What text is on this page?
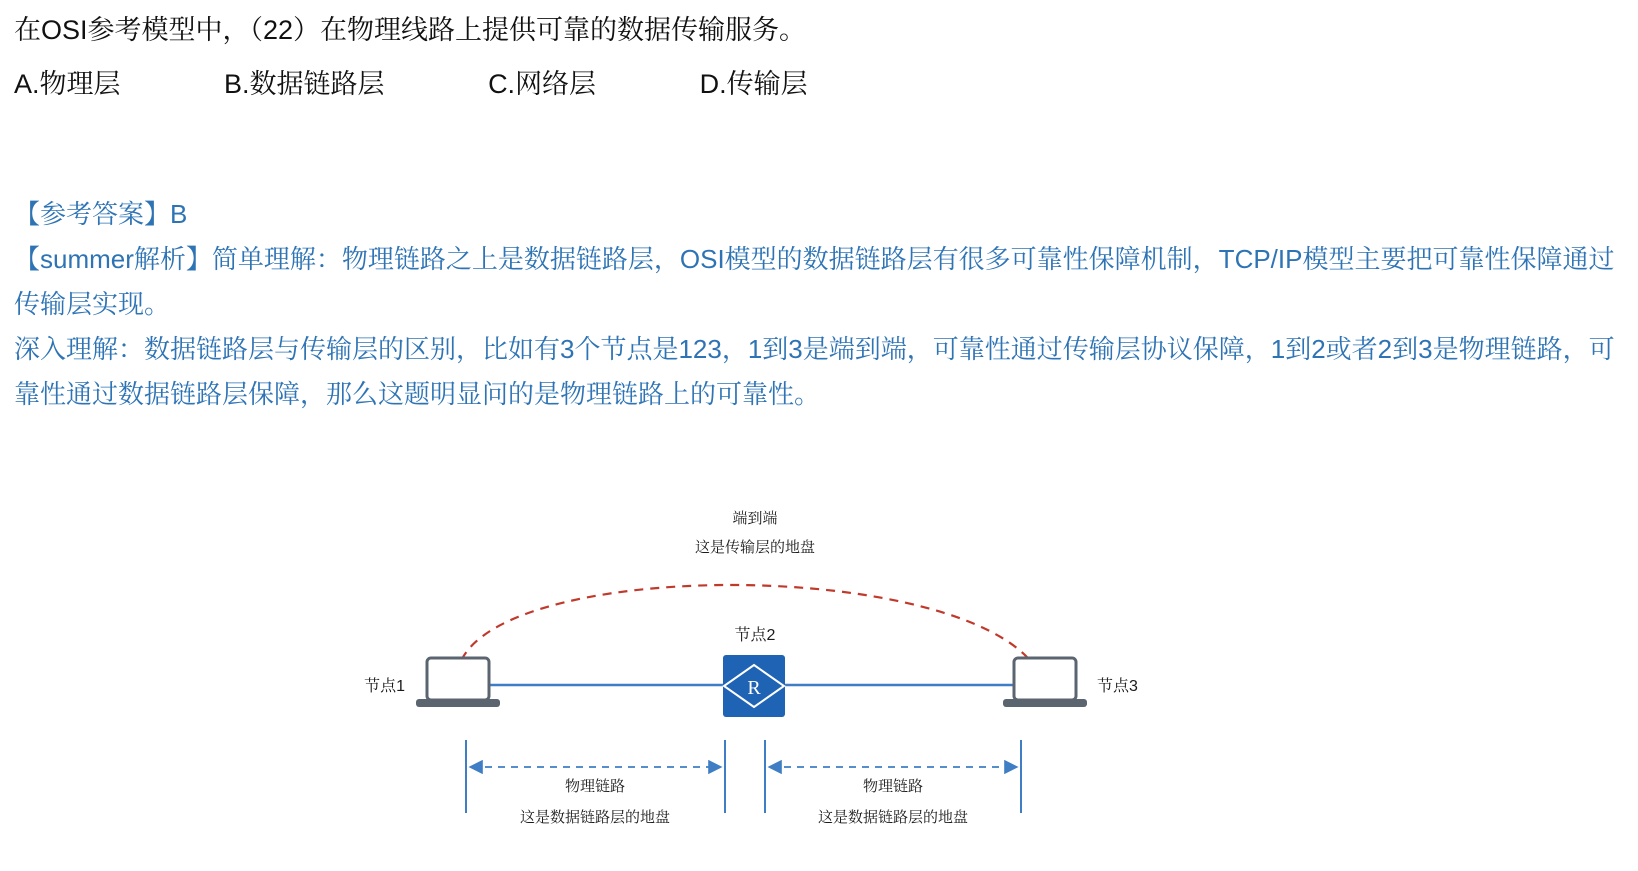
在OSI参考模型中，（22）在物理线路上提供可靠的数据传输服务。
A.物理层	B.数据链路层	C.网络层	D.传输层
【参考答案】B

【summer解析】简单理解：物理链路之上是数据链路层，OSI模型的数据链路层有很多可靠性保障机制，TCP/IP模型主要把可靠性保障通过传输层实现。

深入理解：数据链路层与传输层的区别，比如有3个节点是123，1到3是端到端，可靠性通过传输层协议保障，1到2或者2到3是物理链路，可靠性通过数据链路层保障，那么这题明显问的是物理链路上的可靠性。

端到端
这是传输层的地盘
节点2
节点1	R	节点3
物理链路
这是数据链路层的地盘
物理链路
这是数据链路层的地盘
